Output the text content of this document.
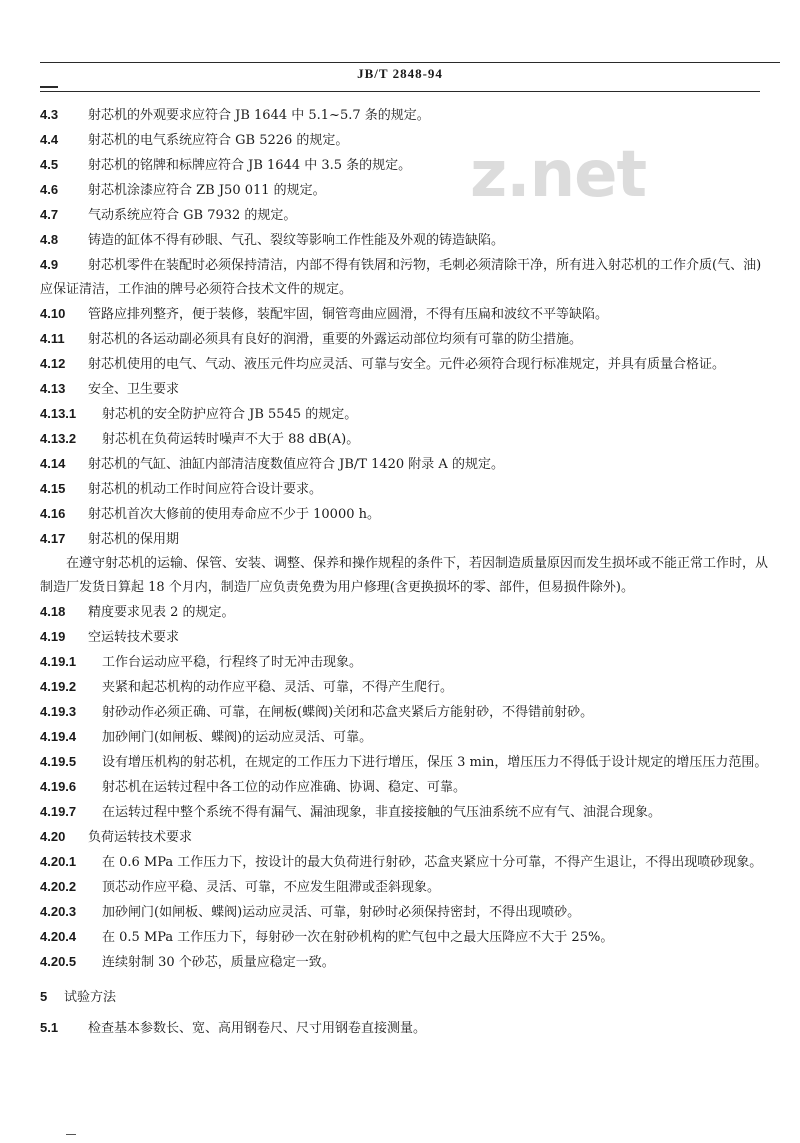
JB/T 2848-94
z.net

4.3 射芯机的外观要求应符合 JB 1644 中 5.1~5.7 条的规定。

4.4 射芯机的电气系统应符合 GB 5226 的规定。

4.5 射芯机的铭牌和标牌应符合 JB 1644 中 3.5 条的规定。

4.6 射芯机涂漆应符合 ZB J50 011 的规定。

4.7 气动系统应符合 GB 7932 的规定。

4.8 铸造的缸体不得有砂眼、气孔、裂纹等影响工作性能及外观的铸造缺陷。

4.9 射芯机零件在装配时必须保持清洁，内部不得有铁屑和污物，毛刺必须清除干净，所有进入射芯机的工作介质(气、油)应保证清洁，工作油的牌号必须符合技术文件的规定。

4.10 管路应排列整齐，便于装修，装配牢固，铜管弯曲应圆滑，不得有压扁和波纹不平等缺陷。

4.11 射芯机的各运动副必须具有良好的润滑，重要的外露运动部位均须有可靠的防尘措施。

4.12 射芯机使用的电气、气动、液压元件均应灵活、可靠与安全。元件必须符合现行标准规定，并具有质量合格证。

4.13 安全、卫生要求

4.13.1 射芯机的安全防护应符合 JB 5545 的规定。

4.13.2 射芯机在负荷运转时噪声不大于 88 dB(A)。

4.14 射芯机的气缸、油缸内部清洁度数值应符合 JB/T 1420 附录 A 的规定。

4.15 射芯机的机动工作时间应符合设计要求。

4.16 射芯机首次大修前的使用寿命应不少于 10000 h。

4.17 射芯机的保用期

在遵守射芯机的运输、保管、安装、调整、保养和操作规程的条件下，若因制造质量原因而发生损坏或不能正常工作时，从制造厂发货日算起 18 个月内，制造厂应负责免费为用户修理(含更换损坏的零、部件，但易损件除外)。

4.18 精度要求见表 2 的规定。

4.19 空运转技术要求

4.19.1 工作台运动应平稳，行程终了时无冲击现象。

4.19.2 夹紧和起芯机构的动作应平稳、灵活、可靠，不得产生爬行。

4.19.3 射砂动作必须正确、可靠，在闸板(蝶阀)关闭和芯盒夹紧后方能射砂，不得错前射砂。

4.19.4 加砂闸门(如闸板、蝶阀)的运动应灵活、可靠。

4.19.5 设有增压机构的射芯机，在规定的工作压力下进行增压，保压 3 min，增压压力不得低于设计规定的增压压力范围。

4.19.6 射芯机在运转过程中各工位的动作应准确、协调、稳定、可靠。

4.19.7 在运转过程中整个系统不得有漏气、漏油现象，非直接接触的气压油系统不应有气、油混合现象。

4.20 负荷运转技术要求

4.20.1 在 0.6 MPa 工作压力下，按设计的最大负荷进行射砂，芯盒夹紧应十分可靠，不得产生退让，不得出现喷砂现象。

4.20.2 顶芯动作应平稳、灵活、可靠，不应发生阻滞或歪斜现象。

4.20.3 加砂闸门(如闸板、蝶阀)运动应灵活、可靠，射砂时必须保持密封，不得出现喷砂。

4.20.4 在 0.5 MPa 工作压力下，每射砂一次在射砂机构的贮气包中之最大压降应不大于 25%。

4.20.5 连续射制 30 个砂芯，质量应稳定一致。

5 试验方法

5.1 检查基本参数长、宽、高用钢卷尺、尺寸用钢卷直接测量。
